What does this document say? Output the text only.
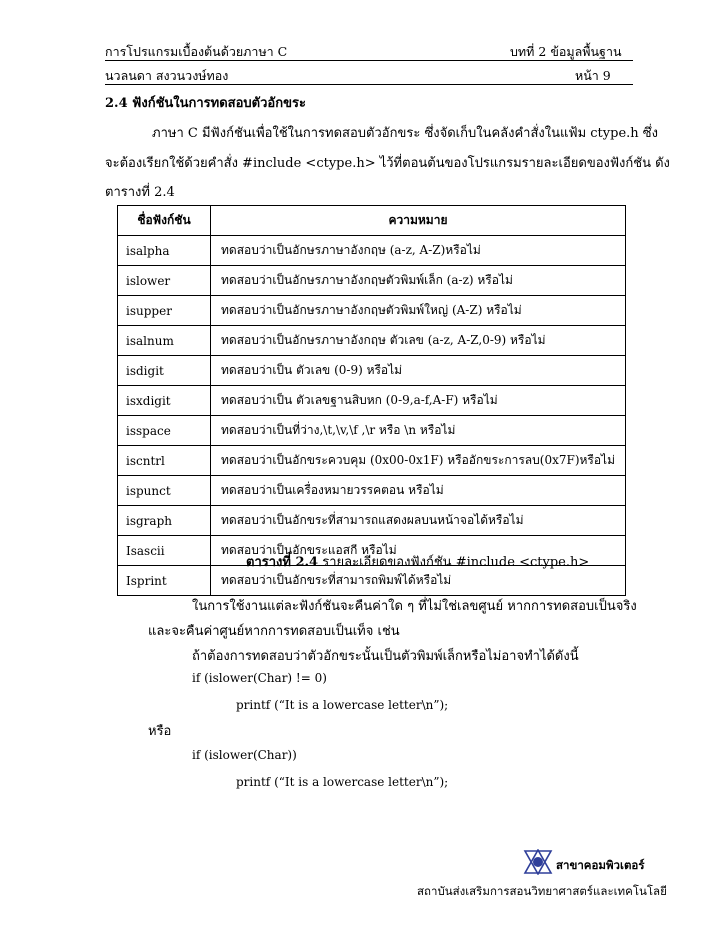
การโปรแกรมเบื้องต้นด้วยภาษา C	บทที่ 2 ข้อมูลพื้นฐาน
นวลนดา สงวนวงษ์ทอง	หน้า 9
2.4 ฟังก์ชันในการทดสอบตัวอักขระ
ภาษา C มีฟังก์ชันเพื่อใช้ในการทดสอบตัวอักขระ ซึ่งจัดเก็บในคลังคำสั่งในแฟ้ม ctype.h ซึ่ง
จะต้องเรียกใช้ด้วยคำสั่ง #include <ctype.h> ไว้ที่ตอนต้นของโปรแกรมรายละเอียดของฟังก์ชัน ดัง
ตารางที่ 2.4
ชื่อฟังก์ชัน	ความหมาย
isalpha	ทดสอบว่าเป็นอักษรภาษาอังกฤษ (a-z, A-Z)หรือไม่
islower	ทดสอบว่าเป็นอักษรภาษาอังกฤษตัวพิมพ์เล็ก (a-z) หรือไม่
isupper	ทดสอบว่าเป็นอักษรภาษาอังกฤษตัวพิมพ์ใหญ่ (A-Z) หรือไม่
isalnum	ทดสอบว่าเป็นอักษรภาษาอังกฤษ ตัวเลข (a-z, A-Z,0-9) หรือไม่
isdigit	ทดสอบว่าเป็น ตัวเลข (0-9) หรือไม่
isxdigit	ทดสอบว่าเป็น ตัวเลขฐานสิบหก (0-9,a-f,A-F) หรือไม่
isspace	ทดสอบว่าเป็นที่ว่าง,\t,\v,\f ,\r หรือ \n หรือไม่
iscntrl	ทดสอบว่าเป็นอักขระควบคุม (0x00-0x1F) หรืออักขระการลบ(0x7F)หรือไม่
ispunct	ทดสอบว่าเป็นเครื่องหมายวรรคตอน หรือไม่
isgraph	ทดสอบว่าเป็นอักขระที่สามารถแสดงผลบนหน้าจอได้หรือไม่
Isascii	ทดสอบว่าเป็นอักขระแอสกี หรือไม่
Isprint	ทดสอบว่าเป็นอักขระที่สามารถพิมพ์ได้หรือไม่
ตารางที่ 2.4 รายละเอียดของฟังก์ชัน #include <ctype.h>
ในการใช้งานแต่ละฟังก์ชันจะคืนค่าใด ๆ ที่ไม่ใช่เลขศูนย์ หากการทดสอบเป็นจริง
และจะคืนค่าศูนย์หากการทดสอบเป็นเท็จ เช่น
ถ้าต้องการทดสอบว่าตัวอักขระนั้นเป็นตัวพิมพ์เล็กหรือไม่อาจทำได้ดังนี้
if (islower(Char) != 0)
printf (“It is a lowercase letter\n”);
หรือ
if (islower(Char))
printf (“It is a lowercase letter\n”);
สาขาคอมพิวเตอร์
สถาบันส่งเสริมการสอนวิทยาศาสตร์และเทคโนโลยี
